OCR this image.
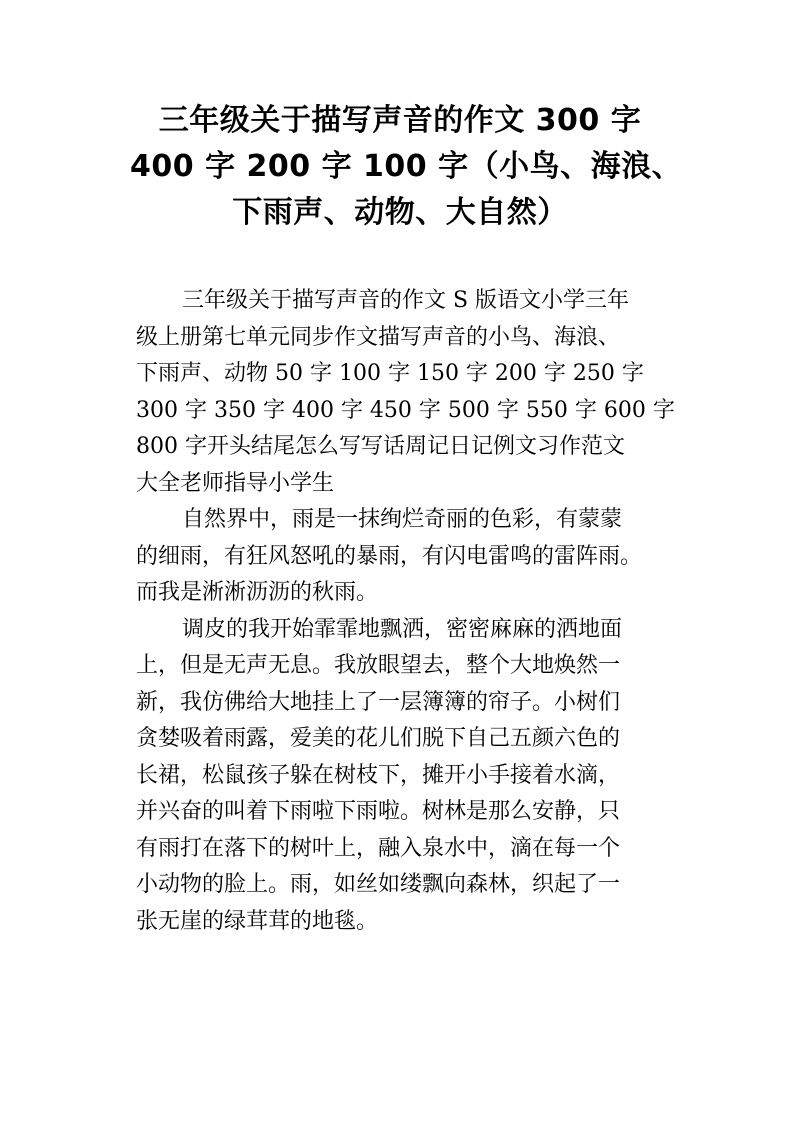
三年级关于描写声音的作文 300 字
400 字 200 字 100 字（小鸟、海浪、
下雨声、动物、大自然）

三年级关于描写声音的作文 S 版语文小学三年
级上册第七单元同步作文描写声音的小鸟、海浪、
下雨声、动物 50 字 100 字 150 字 200 字 250 字
300 字 350 字 400 字 450 字 500 字 550 字 600 字
800 字开头结尾怎么写写话周记日记例文习作范文
大全老师指导小学生

自然界中，雨是一抹绚烂奇丽的色彩，有蒙蒙
的细雨，有狂风怒吼的暴雨，有闪电雷鸣的雷阵雨。
而我是淅淅沥沥的秋雨。

调皮的我开始霏霏地飘洒，密密麻麻的洒地面
上，但是无声无息。我放眼望去，整个大地焕然一
新，我仿佛给大地挂上了一层簿簿的帘子。小树们
贪婪吸着雨露，爱美的花儿们脱下自己五颜六色的
长裙，松鼠孩子躲在树枝下，摊开小手接着水滴，
并兴奋的叫着下雨啦下雨啦。树林是那么安静，只
有雨打在落下的树叶上，融入泉水中，滴在每一个
小动物的脸上。雨，如丝如缕飘向森林，织起了一
张无崖的绿茸茸的地毯。
